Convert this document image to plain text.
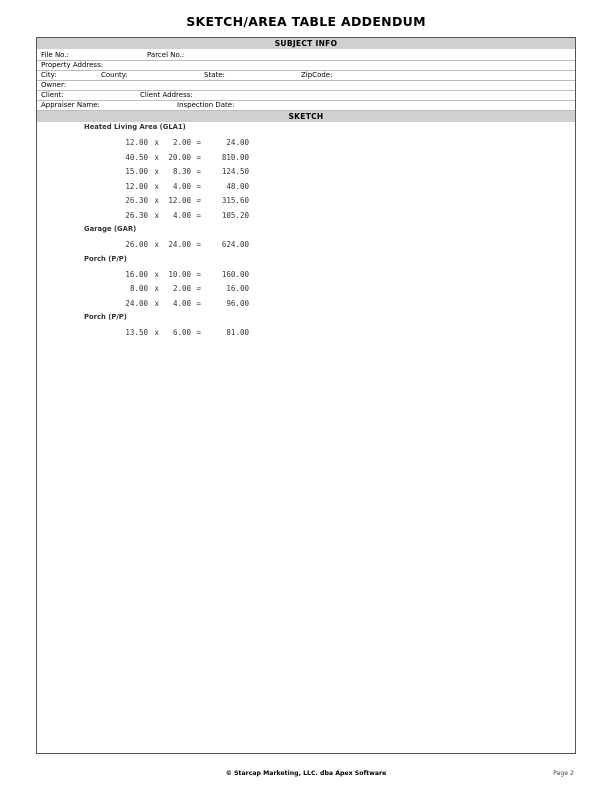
SKETCH/AREA TABLE ADDENDUM
SUBJECT INFO
File No.:	Parcel No.:
Property Address:
City:	County:	State:	ZipCode:
Owner:
Client:	Client Address:
Appraiser Name:	Inspection Date:
SKETCH
Heated Living Area (GLA1)
12.00 x	2.00 =	24.00
40.50 x	20.00 =	810.00
15.00 x	8.30 =	124.50
12.00 x	4.00 =	48.00
26.30 x	12.00 =	315.60
26.30 x	4.00 =	105.20
Garage (GAR)
26.00 x	24.00 =	624.00
Porch (P/P)
16.00 x	10.00 =	160.00
8.00 x	2.00 =	16.00
24.00 x	4.00 =	96.00
Porch (P/P)
13.50 x	6.00 =	81.00
© Starcap Marketing, LLC. dba Apex Software	Page 2
